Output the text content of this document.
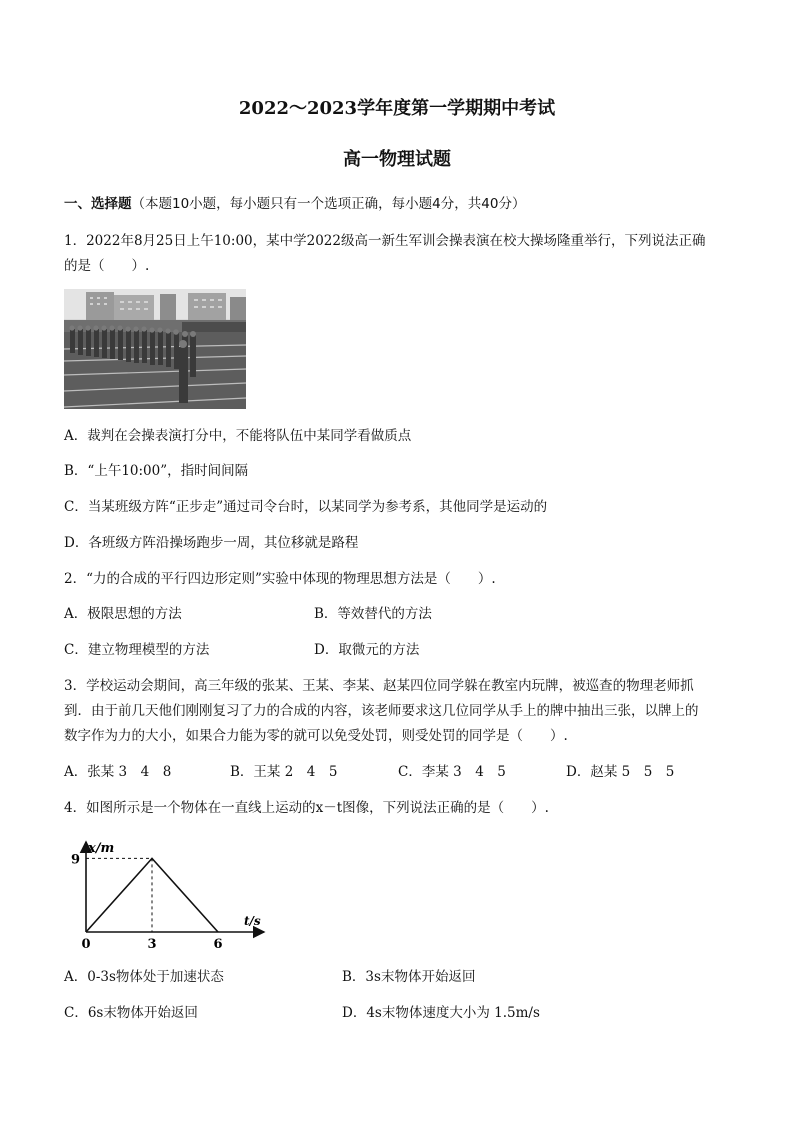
2022～2023学年度第一学期期中考试
高一物理试题
一、选择题（本题10小题，每小题只有一个选项正确，每小题4分，共40分）
1．2022年8月25日上午10:00，某中学2022级高一新生军训会操表演在校大操场隆重举行，下列说法正确
的是（　　）.
A．裁判在会操表演打分中，不能将队伍中某同学看做质点
B．“上午10:00”，指时间间隔
C．当某班级方阵“正步走”通过司令台时，以某同学为参考系，其他同学是运动的
D．各班级方阵沿操场跑步一周，其位移就是路程
2．“力的合成的平行四边形定则”实验中体现的物理思想方法是（　　）.
A．极限思想的方法	B．等效替代的方法
C．建立物理模型的方法	D．取微元的方法
3．学校运动会期间，高三年级的张某、王某、李某、赵某四位同学躲在教室内玩牌，被巡查的物理老师抓
到．由于前几天他们刚刚复习了力的合成的内容，该老师要求这几位同学从手上的牌中抽出三张，以牌上的
数字作为力的大小，如果合力能为零的就可以免受处罚，则受处罚的同学是（　　）.
A．张某 3　4　8	B．王某 2　4　5	C．李某 3　4　5	D．赵某 5　5　5
4．如图所示是一个物体在一直线上运动的x－t图像，下列说法正确的是（　　）.
x/m
t/s
9
0	3	6
A．0-3s物体处于加速状态	B．3s末物体开始返回
C．6s末物体开始返回	D．4s末物体速度大小为 1.5m/s
